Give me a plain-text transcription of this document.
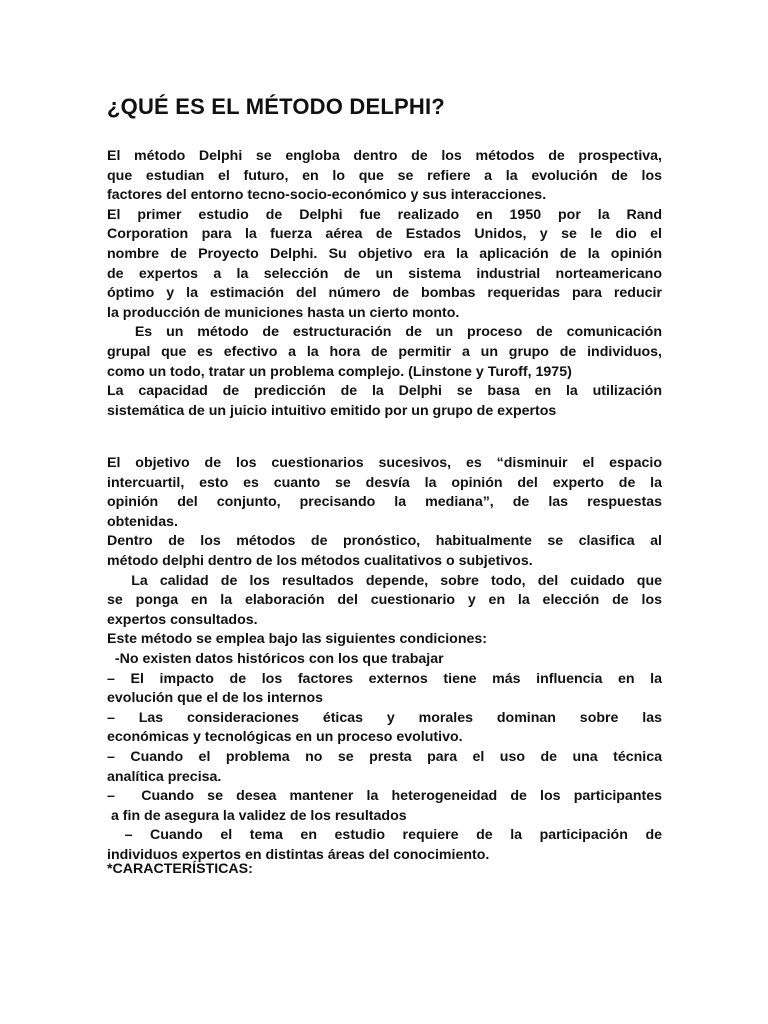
¿QUÉ ES EL MÉTODO DELPHI?
El método Delphi se engloba dentro de los métodos de prospectiva,
que estudian el futuro, en lo que se refiere a la evolución de los
factores del entorno tecno-socio-económico y sus interacciones.
El primer estudio de Delphi fue realizado en 1950 por la Rand
Corporation para la fuerza aérea de Estados Unidos, y se le dio el
nombre de Proyecto Delphi. Su objetivo era la aplicación de la opinión
de expertos a la selección de un sistema industrial norteamericano
óptimo y la estimación del número de bombas requeridas para reducir
la producción de municiones hasta un cierto monto.
Es un método de estructuración de un proceso de comunicación
grupal que es efectivo a la hora de permitir a un grupo de individuos,
como un todo, tratar un problema complejo. (Linstone y Turoff, 1975)
La capacidad de predicción de la Delphi se basa en la utilización
sistemática de un juicio intuitivo emitido por un grupo de expertos
El objetivo de los cuestionarios sucesivos, es “disminuir el espacio
intercuartil, esto es cuanto se desvía la opinión del experto de la
opinión del conjunto, precisando la mediana”, de las respuestas
obtenidas.
Dentro de los métodos de pronóstico, habitualmente se clasifica al
método delphi dentro de los métodos cualitativos o subjetivos.
La calidad de los resultados depende, sobre todo, del cuidado que
se ponga en la elaboración del cuestionario y en la elección de los
expertos consultados.
Este método se emplea bajo las siguientes condiciones:
-No existen datos históricos con los que trabajar
– El impacto de los factores externos tiene más influencia en la
evolución que el de los internos
– Las consideraciones éticas y morales dominan sobre las
económicas y tecnológicas en un proceso evolutivo.
– Cuando el problema no se presta para el uso de una técnica
analítica precisa.
–  Cuando se desea mantener la heterogeneidad de los participantes
a fin de asegura la validez de los resultados
– Cuando el tema en estudio requiere de la participación de
individuos expertos en distintas áreas del conocimiento.

*CARACTERÍSTICAS:
